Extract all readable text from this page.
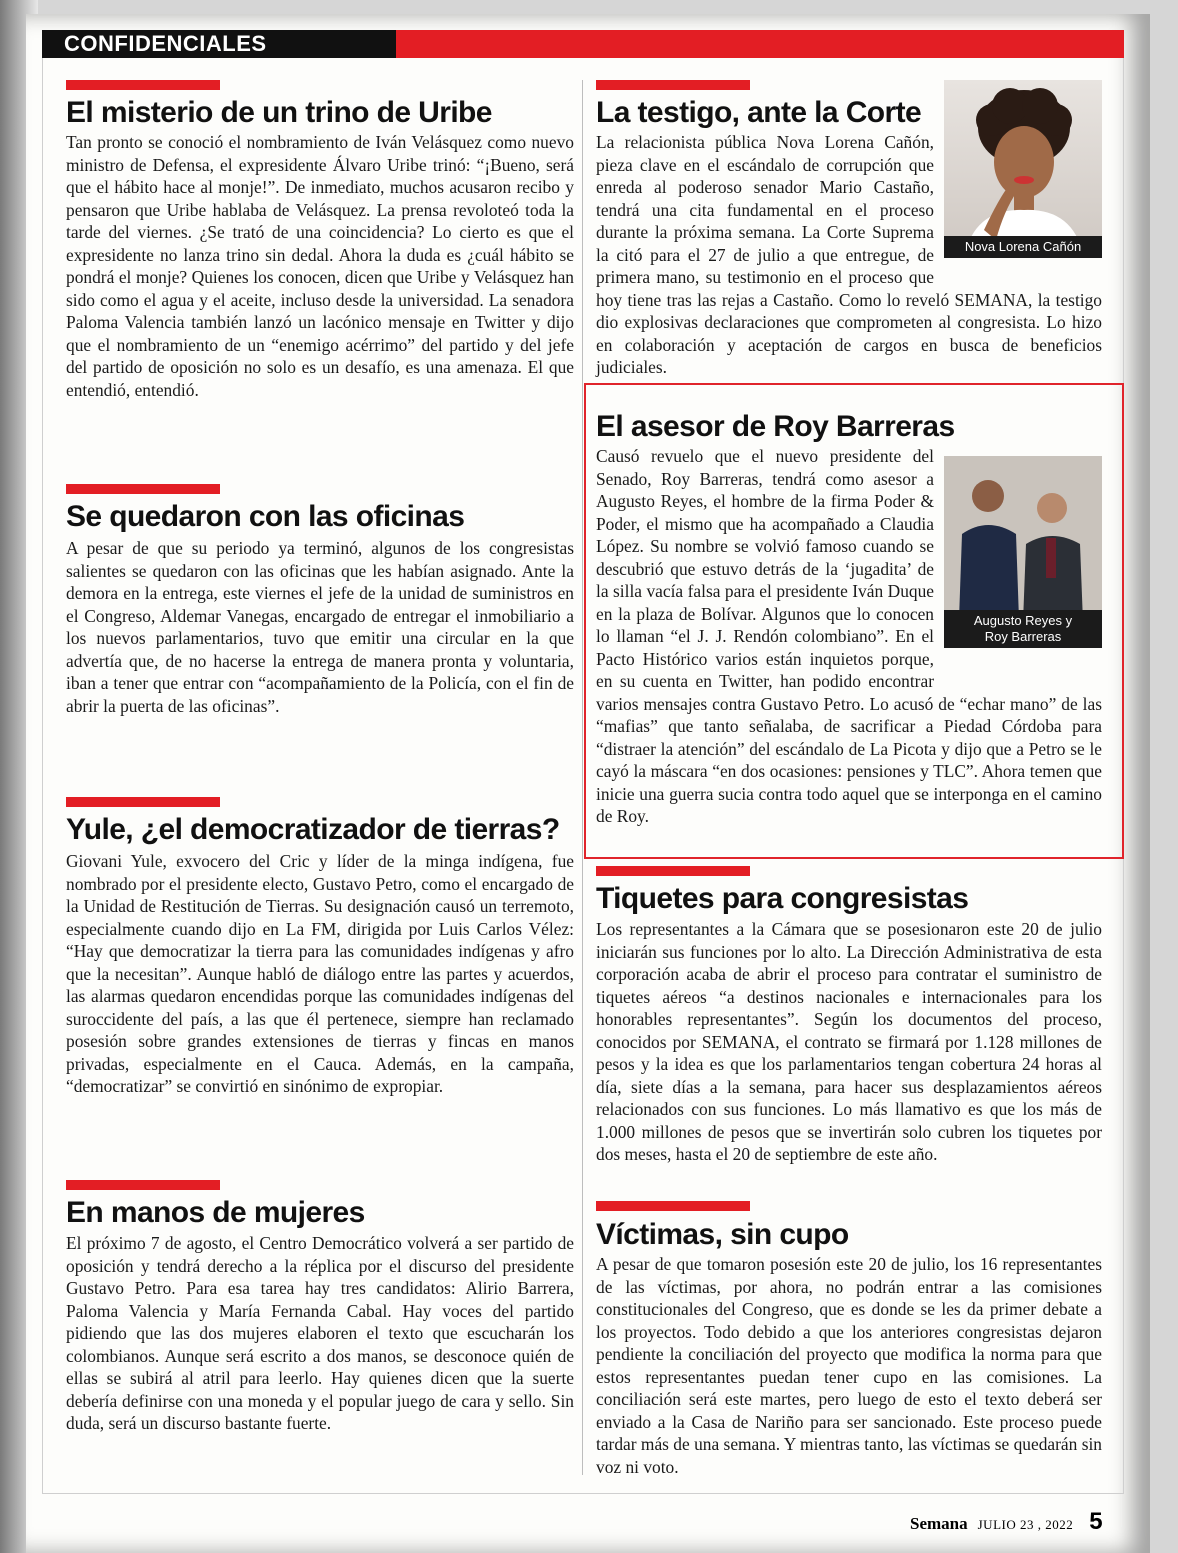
CONFIDENCIALES
El misterio de un trino de Uribe

Tan pronto se conoció el nombramiento de Iván Velásquez como nuevo ministro de Defensa, el expresidente Álvaro Uribe trinó: “¡Bueno, será que el hábito hace al monje!”. De inmediato, muchos acusaron recibo y pensaron que Uribe hablaba de Velásquez. La prensa revoloteó toda la tarde del viernes. ¿Se trató de una coincidencia? Lo cierto es que el expresidente no lanza trino sin dedal. Ahora la duda es ¿cuál hábito se pondrá el monje? Quienes los conocen, dicen que Uribe y Velásquez han sido como el agua y el aceite, incluso desde la universidad. La senadora Paloma Valencia también lanzó un lacónico mensaje en Twitter y dijo que el nombramiento de un “enemigo acérrimo” del partido y del jefe del partido de oposición no solo es un desafío, es una amenaza. El que entendió, entendió.

Se quedaron con las oficinas

A pesar de que su periodo ya terminó, algunos de los congresistas salientes se quedaron con las oficinas que les habían asignado. Ante la demora en la entrega, este viernes el jefe de la unidad de suministros en el Congreso, Aldemar Vanegas, encargado de entregar el inmobiliario a los nuevos parlamentarios, tuvo que emitir una circular en la que advertía que, de no hacerse la entrega de manera pronta y voluntaria, iban a tener que entrar con “acompañamiento de la Policía, con el fin de abrir la puerta de las oficinas”.

Yule, ¿el democratizador de tierras?

Giovani Yule, exvocero del Cric y líder de la minga indígena, fue nombrado por el presidente electo, Gustavo Petro, como el encargado de la Unidad de Restitución de Tierras. Su designación causó un terremoto, especialmente cuando dijo en La FM, dirigida por Luis Carlos Vélez: “Hay que democratizar la tierra para las comunidades indígenas y afro que la necesitan”. Aunque habló de diálogo entre las partes y acuerdos, las alarmas quedaron encendidas porque las comunidades indígenas del suroccidente del país, a las que él pertenece, siempre han reclamado posesión sobre grandes extensiones de tierras y fincas en manos privadas, especialmente en el Cauca. Además, en la campaña, “democratizar” se convirtió en sinónimo de expropiar.

En manos de mujeres

El próximo 7 de agosto, el Centro Democrático volverá a ser partido de oposición y tendrá derecho a la réplica por el discurso del presidente Gustavo Petro. Para esa tarea hay tres candidatos: Alirio Barrera, Paloma Valencia y María Fernanda Cabal. Hay voces del partido pidiendo que las dos mujeres elaboren el texto que escucharán los colombianos. Aunque será escrito a dos manos, se desconoce quién de ellas se subirá al atril para leerlo. Hay quienes dicen que la suerte debería definirse con una moneda y el popular juego de cara y sello. Sin duda, será un discurso bastante fuerte.

La testigo, ante la Corte
Nova Lorena Cañón

La relacionista pública Nova Lorena Cañón, pieza clave en el escándalo de corrupción que enreda al poderoso senador Mario Castaño, tendrá una cita fundamental en el proceso durante la próxima semana. La Corte Suprema la citó para el 27 de julio a que entregue, de primera mano, su testimonio en el proceso que hoy tiene tras las rejas a Castaño. Como lo reveló SEMANA, la testigo dio explosivas declaraciones que comprometen al congresista. Lo hizo en colaboración y aceptación de cargos en busca de beneficios judiciales.

El asesor de Roy Barreras
Augusto Reyes y
Roy Barreras

Causó revuelo que el nuevo presidente del Senado, Roy Barreras, tendrá como asesor a Augusto Reyes, el hombre de la firma Poder & Poder, el mismo que ha acompañado a Claudia López. Su nombre se volvió famoso cuando se descubrió que estuvo detrás de la ‘jugadita’ de la silla vacía falsa para el presidente Iván Duque en la plaza de Bolívar. Algunos que lo conocen lo llaman “el J. J. Rendón colombiano”. En el Pacto Histórico varios están inquietos porque, en su cuenta en Twitter, han podido encontrar varios mensajes contra Gustavo Petro. Lo acusó de “echar mano” de las “mafias” que tanto señalaba, de sacrificar a Piedad Córdoba para “distraer la atención” del escándalo de La Picota y dijo que a Petro se le cayó la máscara “en dos ocasiones: pensiones y TLC”. Ahora temen que inicie una guerra sucia contra todo aquel que se interponga en el camino de Roy.

Tiquetes para congresistas

Los representantes a la Cámara que se posesionaron este 20 de julio iniciarán sus funciones por lo alto. La Dirección Administrativa de esta corporación acaba de abrir el proceso para contratar el suministro de tiquetes aéreos “a destinos nacionales e internacionales para los honorables representantes”. Según los documentos del proceso, conocidos por SEMANA, el contrato se firmará por 1.128 millones de pesos y la idea es que los parlamentarios tengan cobertura 24 horas al día, siete días a la semana, para hacer sus desplazamientos aéreos relacionados con sus funciones. Lo más llamativo es que los más de 1.000 millones de pesos que se invertirán solo cubren los tiquetes por dos meses, hasta el 20 de septiembre de este año.

Víctimas, sin cupo

A pesar de que tomaron posesión este 20 de julio, los 16 representantes de las víctimas, por ahora, no podrán entrar a las comisiones constitucionales del Congreso, que es donde se les da primer debate a los proyectos. Todo debido a que los anteriores congresistas dejaron pendiente la conciliación del proyecto que modifica la norma para que estos representantes puedan tener cupo en las comisiones. La conciliación será este martes, pero luego de esto el texto deberá ser enviado a la Casa de Nariño para ser sancionado. Este proceso puede tardar más de una semana. Y mientras tanto, las víctimas se quedarán sin voz ni voto.

Semana JULIO 23 , 2022 5
